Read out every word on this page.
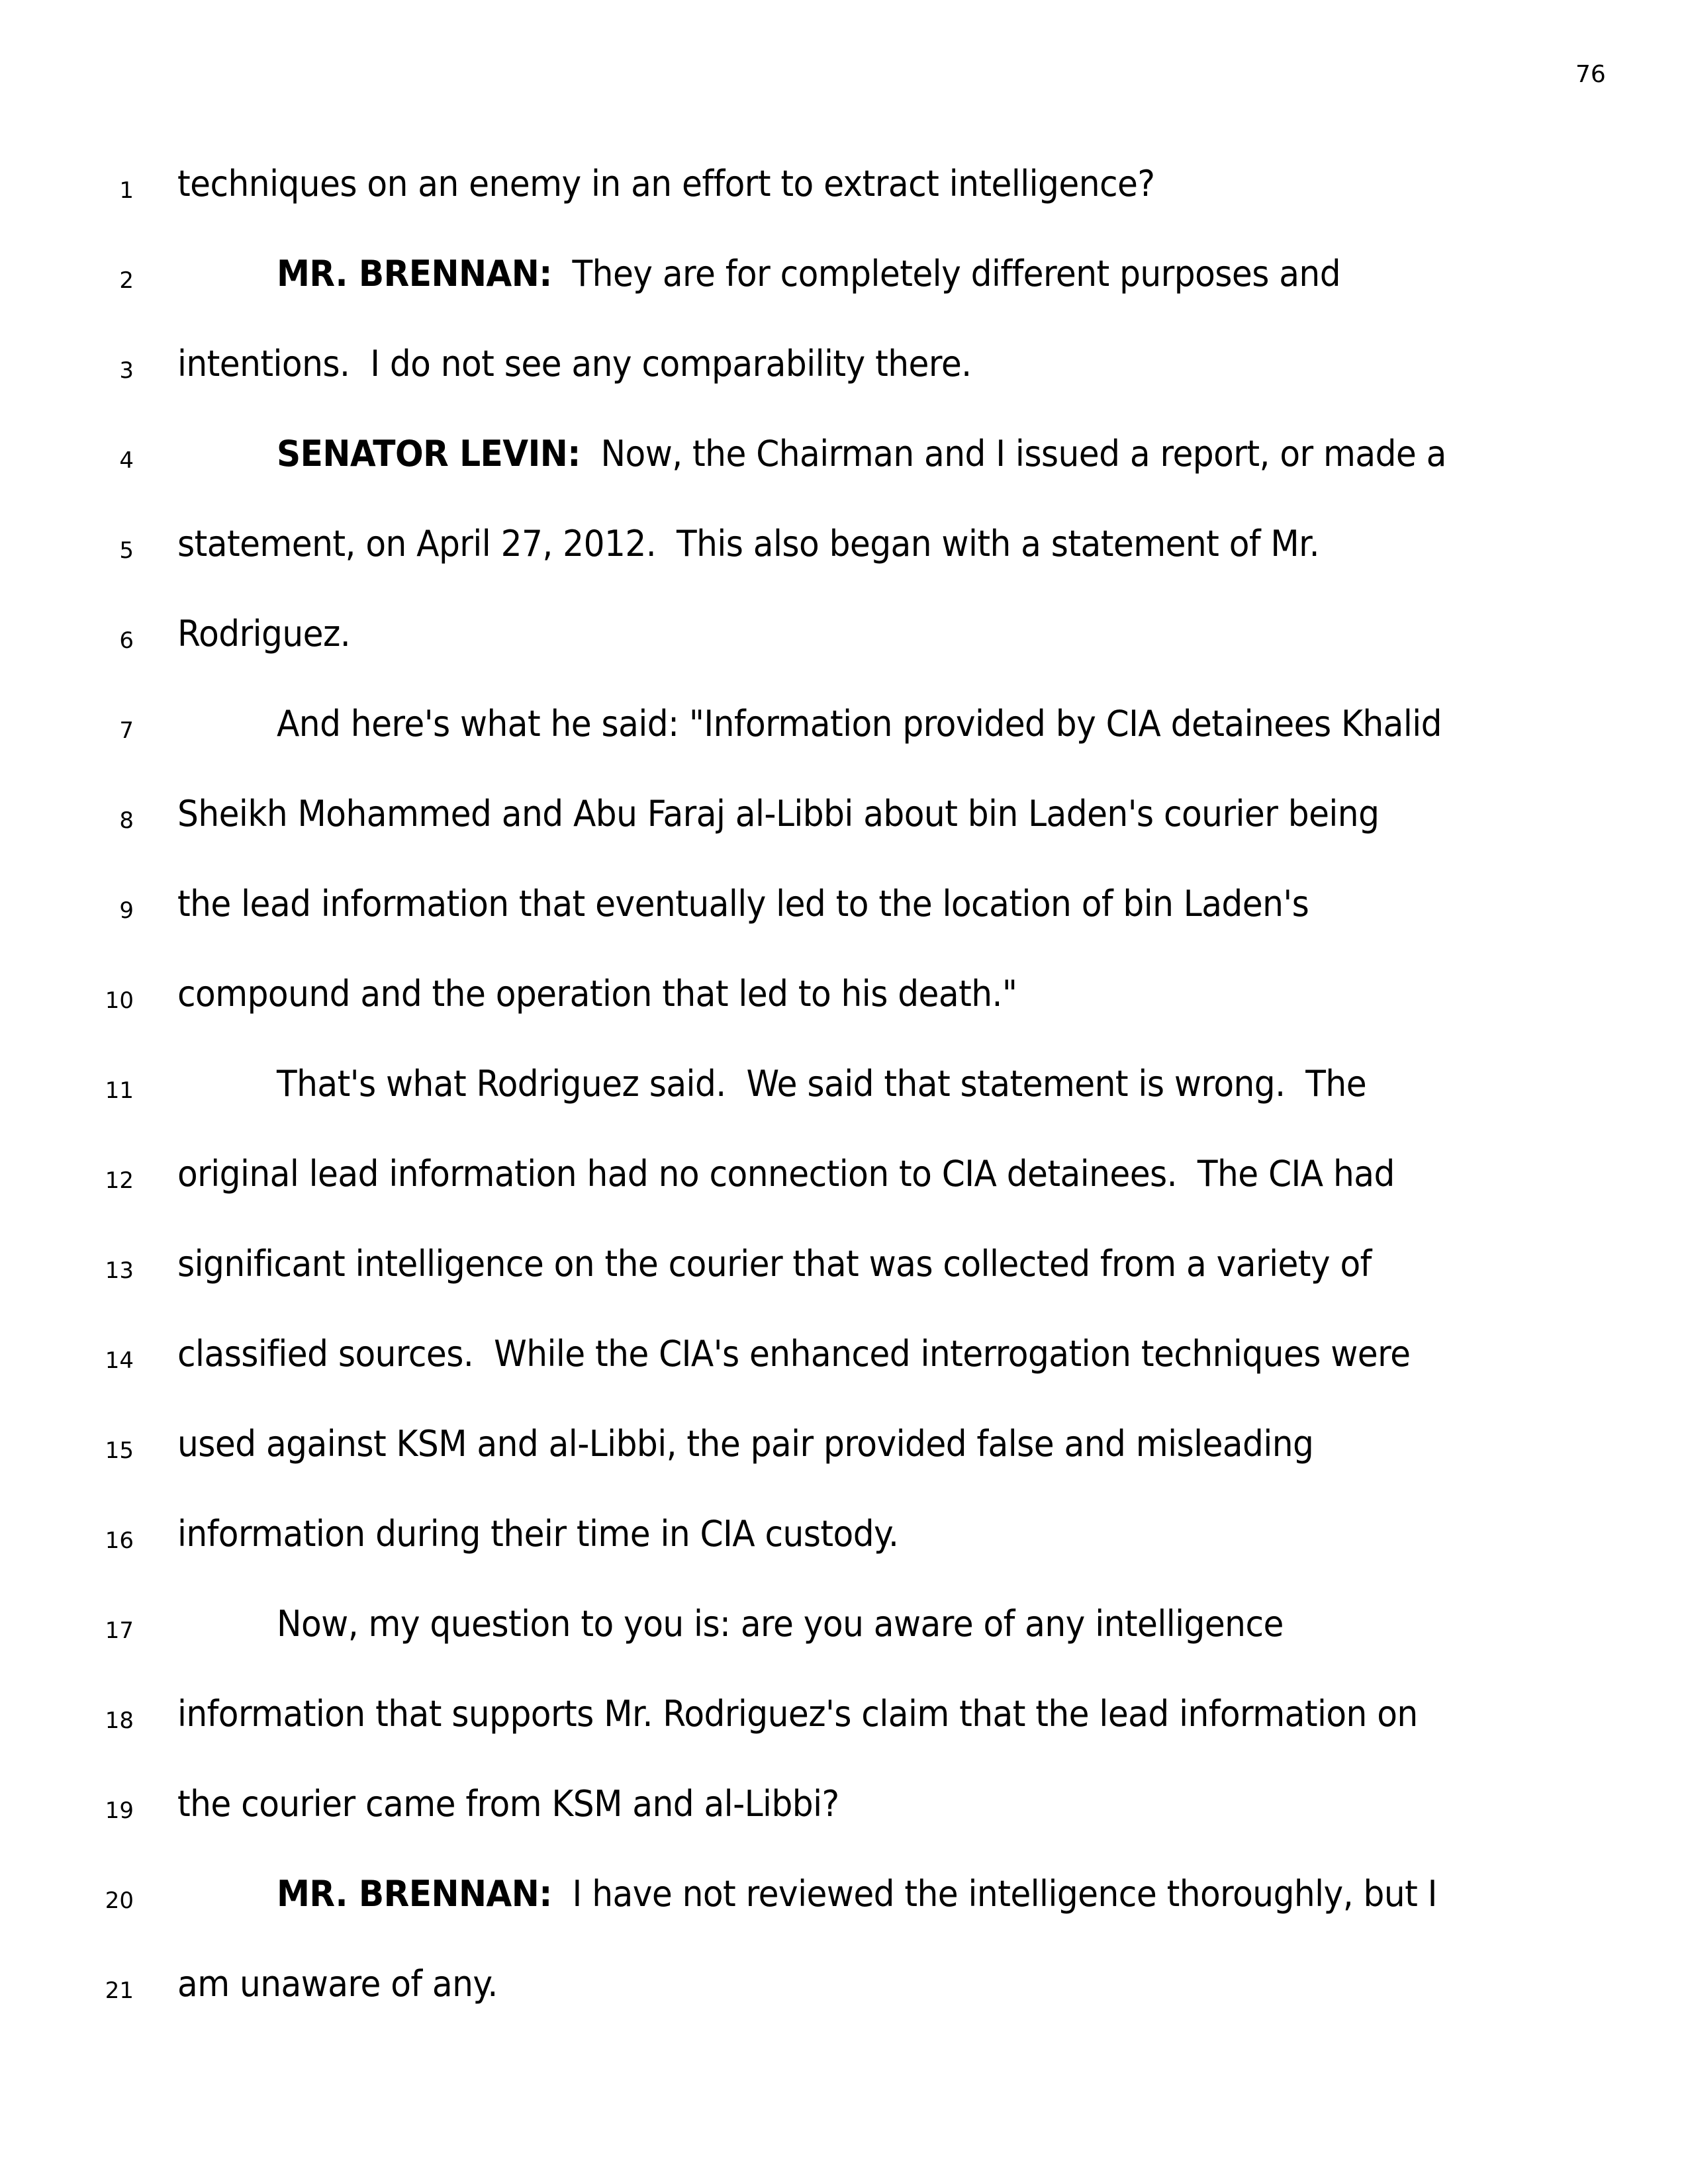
76
1 techniques on an enemy in an effort to extract intelligence?
2	MR. BRENNAN:  They are for completely different purposes and
3 intentions.  I do not see any comparability there.
4	SENATOR LEVIN:  Now, the Chairman and I issued a report, or made a
5 statement, on April 27, 2012.  This also began with a statement of Mr.
6 Rodriguez.
7	And here's what he said: "Information provided by CIA detainees Khalid
8 Sheikh Mohammed and Abu Faraj al-Libbi about bin Laden's courier being
9 the lead information that eventually led to the location of bin Laden's
10 compound and the operation that led to his death."
11	That's what Rodriguez said.  We said that statement is wrong.  The
12 original lead information had no connection to CIA detainees.  The CIA had
13 significant intelligence on the courier that was collected from a variety of
14 classified sources.  While the CIA's enhanced interrogation techniques were
15 used against KSM and al-Libbi, the pair provided false and misleading
16 information during their time in CIA custody.
17	Now, my question to you is: are you aware of any intelligence
18 information that supports Mr. Rodriguez's claim that the lead information on
19 the courier came from KSM and al-Libbi?
20	MR. BRENNAN:  I have not reviewed the intelligence thoroughly, but I
21 am unaware of any.
